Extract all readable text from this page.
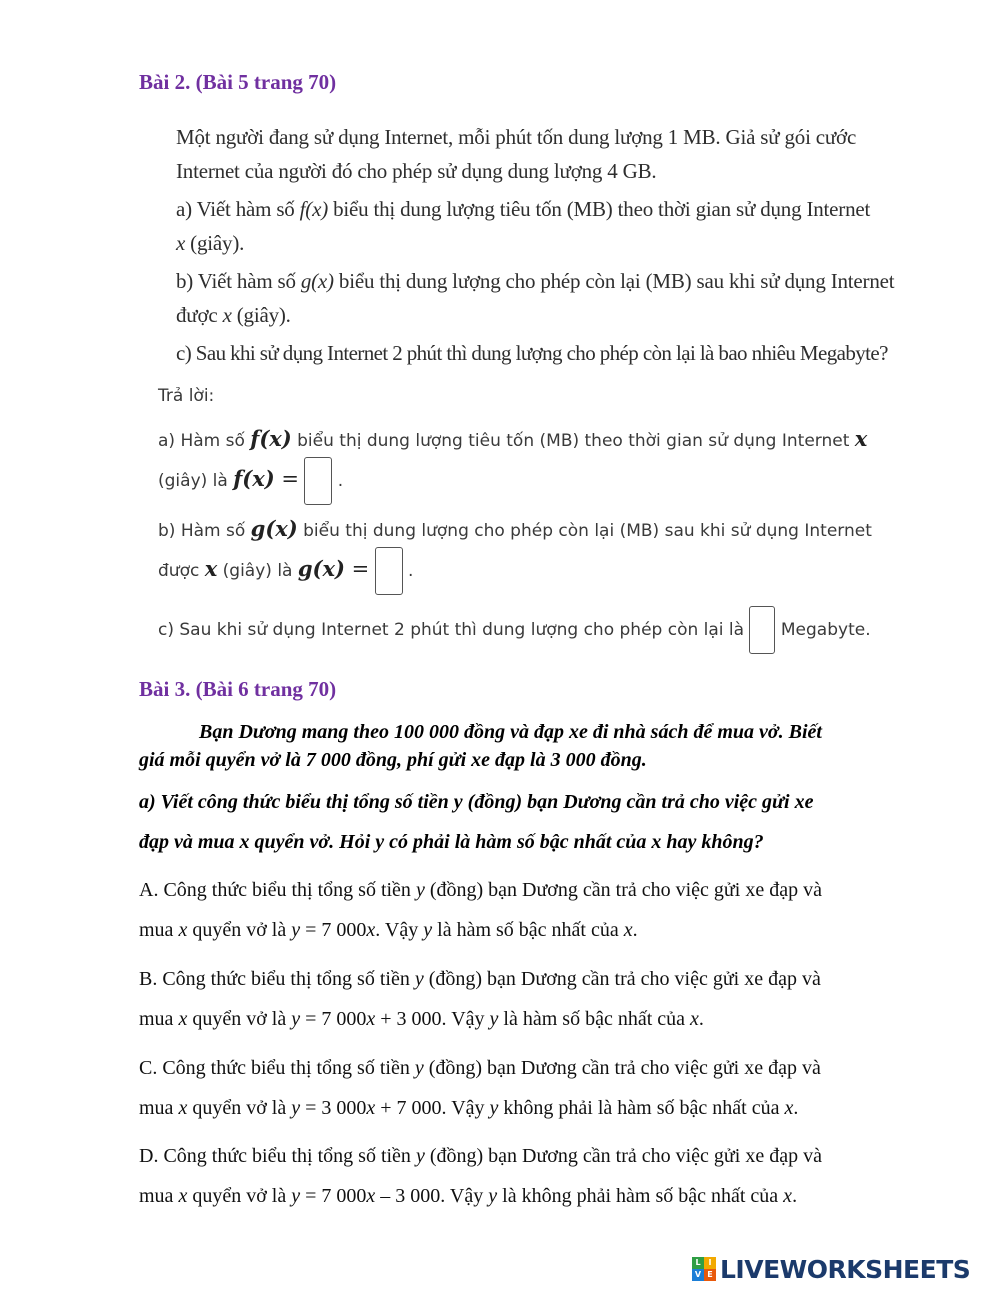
Bài 2. (Bài 5 trang 70)
Một người đang sử dụng Internet, mỗi phút tốn dung lượng 1 MB. Giả sử gói cước
Internet của người đó cho phép sử dụng dung lượng 4 GB.
a) Viết hàm số f(x) biểu thị dung lượng tiêu tốn (MB) theo thời gian sử dụng Internet
x (giây).
b) Viết hàm số g(x) biểu thị dung lượng cho phép còn lại (MB) sau khi sử dụng Internet
được x (giây).
c) Sau khi sử dụng Internet 2 phút thì dung lượng cho phép còn lại là bao nhiêu Megabyte?
Trả lời:
a) Hàm số f(x) biểu thị dung lượng tiêu tốn (MB) theo thời gian sử dụng Internet x
(giây) là f(x) = .
b) Hàm số g(x) biểu thị dung lượng cho phép còn lại (MB) sau khi sử dụng Internet
được x (giây) là g(x) = .
c) Sau khi sử dụng Internet 2 phút thì dung lượng cho phép còn lại là  Megabyte.
Bài 3. (Bài 6 trang 70)
Bạn Dương mang theo 100 000 đồng và đạp xe đi nhà sách để mua vở. Biết
giá mỗi quyển vở là 7 000 đồng, phí gửi xe đạp là 3 000 đồng.
a) Viết công thức biểu thị tổng số tiền y (đồng) bạn Dương cần trả cho việc gửi xe
đạp và mua x quyển vở. Hỏi y có phải là hàm số bậc nhất của x hay không?
A. Công thức biểu thị tổng số tiền y (đồng) bạn Dương cần trả cho việc gửi xe đạp và
mua x quyển vở là y = 7 000x. Vậy y là hàm số bậc nhất của x.
B. Công thức biểu thị tổng số tiền y (đồng) bạn Dương cần trả cho việc gửi xe đạp và
mua x quyển vở là y = 7 000x + 3 000. Vậy y là hàm số bậc nhất của x.
C. Công thức biểu thị tổng số tiền y (đồng) bạn Dương cần trả cho việc gửi xe đạp và
mua x quyển vở là y = 3 000x + 7 000. Vậy y không phải là hàm số bậc nhất của x.
D. Công thức biểu thị tổng số tiền y (đồng) bạn Dương cần trả cho việc gửi xe đạp và
mua x quyển vở là y = 7 000x – 3 000. Vậy y là không phải hàm số bậc nhất của x.
L I
V E LIVEWORKSHEETS
